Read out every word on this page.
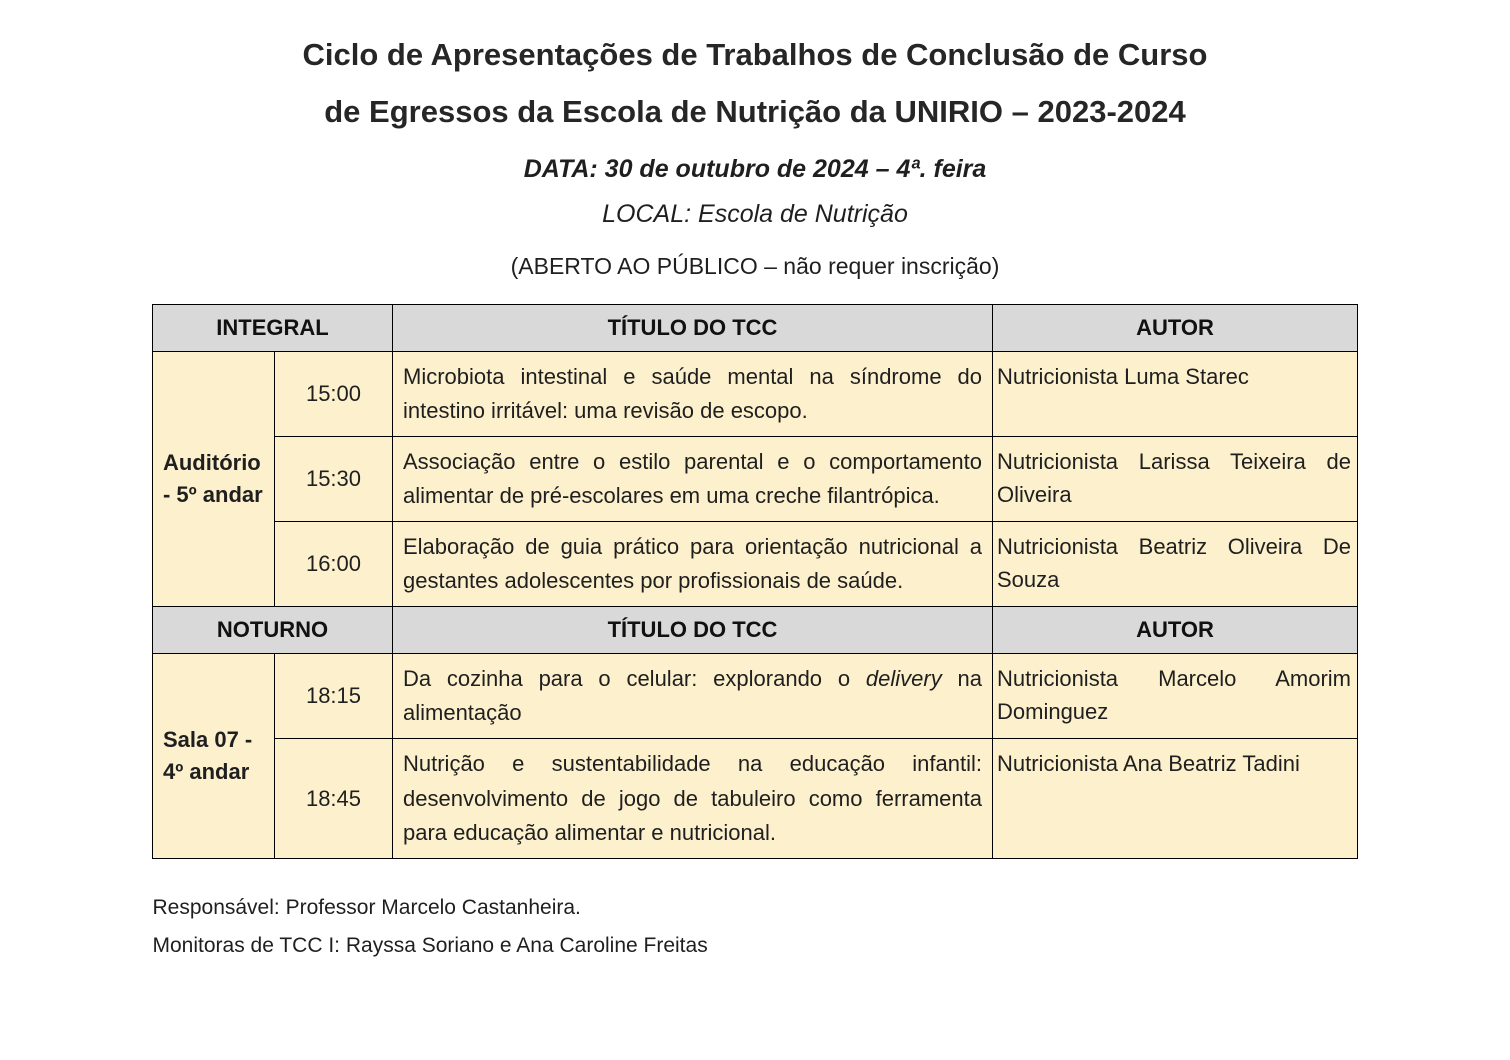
Ciclo de Apresentações de Trabalhos de Conclusão de Curso
de Egressos da Escola de Nutrição da UNIRIO – 2023-2024
DATA: 30 de outubro de 2024 – 4ª. feira
LOCAL: Escola de Nutrição
(ABERTO AO PÚBLICO – não requer inscrição)
INTEGRAL		TÍTULO DO TCC	AUTOR
Auditório - 5º andar	15:00	Microbiota intestinal e saúde mental na síndrome do intestino irritável: uma revisão de escopo.	Nutricionista Luma Starec
	15:30	Associação entre o estilo parental e o comportamento alimentar de pré-escolares em uma creche filantrópica.	Nutricionista Larissa Teixeira de Oliveira
	16:00	Elaboração de guia prático para orientação nutricional a gestantes adolescentes por profissionais de saúde.	Nutricionista Beatriz Oliveira De Souza
NOTURNO		TÍTULO DO TCC	AUTOR
Sala 07 - 4º andar	18:15	Da cozinha para o celular: explorando o delivery na alimentação	Nutricionista Marcelo Amorim Dominguez
	18:45	Nutrição e sustentabilidade na educação infantil: desenvolvimento de jogo de tabuleiro como ferramenta para educação alimentar e nutricional.	Nutricionista Ana Beatriz Tadini
Responsável: Professor Marcelo Castanheira.
Monitoras de TCC I: Rayssa Soriano e Ana Caroline Freitas
